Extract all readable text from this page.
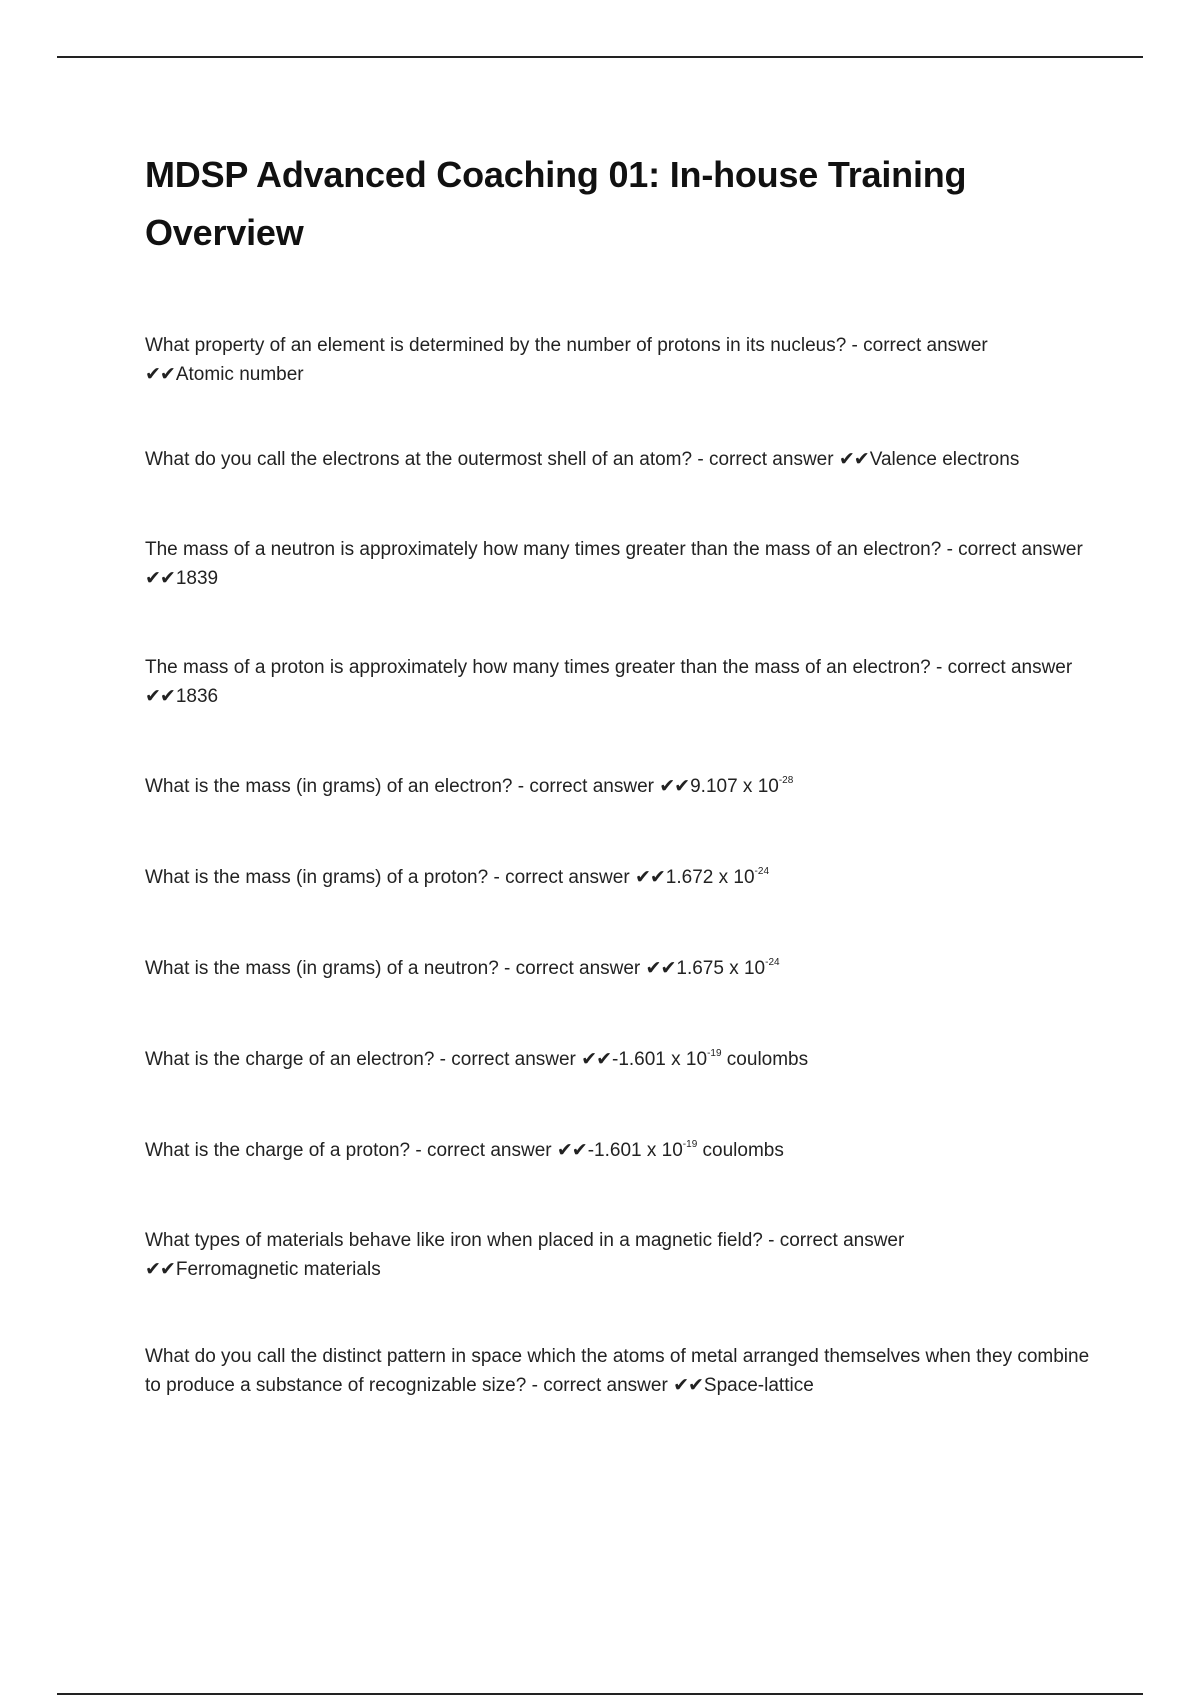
MDSP Advanced Coaching 01: In-house Training Overview

What property of an element is determined by the number of protons in its nucleus? - correct answer
✔✔Atomic number

What do you call the electrons at the outermost shell of an atom? - correct answer ✔✔Valence electrons

The mass of a neutron is approximately how many times greater than the mass of an electron? - correct answer ✔✔1839

The mass of a proton is approximately how many times greater than the mass of an electron? - correct answer ✔✔1836

What is the mass (in grams) of an electron? - correct answer ✔✔9.107 x $10^{-28}$

What is the mass (in grams) of a proton? - correct answer ✔✔1.672 x $10^{-24}$

What is the mass (in grams) of a neutron? - correct answer ✔✔1.675 x $10^{-24}$

What is the charge of an electron? - correct answer ✔✔-1.601 x $10^{-19}$ coulombs

What is the charge of a proton? - correct answer ✔✔-1.601 x $10^{-19}$ coulombs

What types of materials behave like iron when placed in a magnetic field? - correct answer
✔✔Ferromagnetic materials

What do you call the distinct pattern in space which the atoms of metal arranged themselves when they combine to produce a substance of recognizable size? - correct answer ✔✔Space-lattice
